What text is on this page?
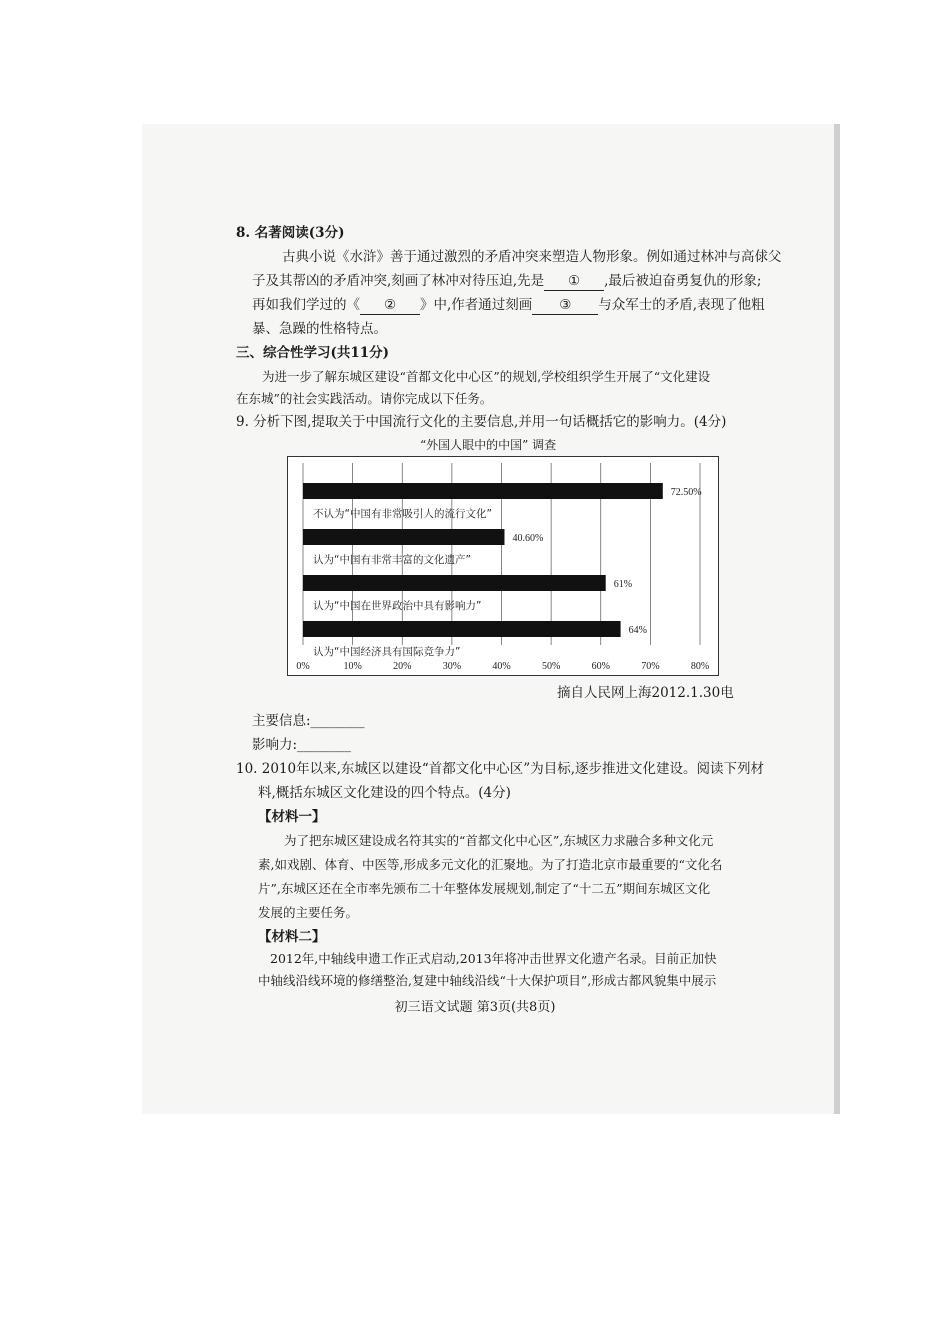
8. 名著阅读(3分)
古典小说《水浒》善于通过激烈的矛盾冲突来塑造人物形象。例如通过林冲与高俅父
子及其帮凶的矛盾冲突,刻画了林冲对待压迫,先是 ① ,最后被迫奋勇复仇的形象;
再如我们学过的《 ② 》中,作者通过刻画 ③ 与众军士的矛盾,表现了他粗
暴、急躁的性格特点。
三、综合性学习(共11分)
为进一步了解东城区建设“首都文化中心区”的规划,学校组织学生开展了“文化建设
在东城”的社会实践活动。请你完成以下任务。
9. 分析下图,提取关于中国流行文化的主要信息,并用一句话概括它的影响力。(4分)
“外国人眼中的中国” 调查
0%	10%	20%	30%	40%	50%	60%	70%	80%
72.50%
不认为“中国有非常吸引人的流行文化”
40.60%
认为“中国有非常丰富的文化遗产”
61%
认为“中国在世界政治中具有影响力”
64%
认为“中国经济具有国际竞争力”
摘自人民网上海2012.1.30电
主要信息:________
影响力:________
10. 2010年以来,东城区以建设“首都文化中心区”为目标,逐步推进文化建设。阅读下列材
料,概括东城区文化建设的四个特点。(4分)
【材料一】
为了把东城区建设成名符其实的“首都文化中心区”,东城区力求融合多种文化元
素,如戏剧、体育、中医等,形成多元文化的汇聚地。为了打造北京市最重要的“文化名
片”,东城区还在全市率先颁布二十年整体发展规划,制定了“十二五”期间东城区文化
发展的主要任务。
【材料二】
2012年,中轴线申遗工作正式启动,2013年将冲击世界文化遗产名录。目前正加快
中轴线沿线环境的修缮整治,复建中轴线沿线“十大保护项目”,形成古都风貌集中展示
初三语文试题 第3页(共8页)
